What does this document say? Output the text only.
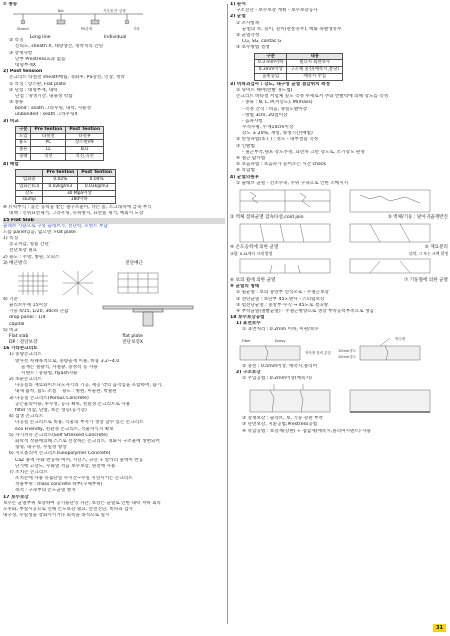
① 종류
Strand
Bar
PS강재
거푸집 면 강재
기타
Long line	Individual
② 특징
신뢰도, sheath X, 대량생산, 정착치리 간단
③ 강재사항
단부 Prestress효과 없음
대형부재X
2) Post tension
콘크리트 타설전 sheath매립, 경화후, PS강선, 인장, 정착
① 특징 : 장스판, Flat plate
② 단점 : 대형부재, 내력
단점 : 양생기간, 내용성 약함
③ 종류
bond : seath 그라우팅, 내력, 사용성
unbonded : seath 그라우팅X
3) 비교
구분	Pre tention	Post Tention
도입	타설전	타설후
용도	PC	장스판/PF
종류	LL	B,U
형태	직선	직진,곡선
4) 배합
	Pre tention	Post Tention
염화물	0.02%	0.04%
염화은(Cl)	0.02kg/m3	0.03kg/m3
강도	30 Mpa이상	
slump	180이하	
※ 유력부식 : 높은 응력을 받는 철구조물이, 작은 흠, 소크래치에 급속 부식
대책 : 인위표면제거, 그라우팅, 유취방지, 표면흠 제거, 예회시 도장
15 Flat Slab
슬래브 가용으로 구성 슬래브가, 전단력, 모멘트 부담
드롭 panel있음, 없으면: Flat plate
1) 특징
층고저감, 형틀 간단
전단보강 필요
2) 용도 : 주방, 병원, 오피스
3) 배근방식	전단배근
4) 기준
슬리브두께 15이상
기둥 h/15, L/20, 30cm 큰값
drop panel : 1/4
capital
5) 비교
Flat slab	flat plate
DP : 전단보강	전단보강X
16 기타콘크리트
1) 중량콘크리트
방사선 차폐목적으로, 중량골재 이용, 비중 3.2~4.0
골재는 철광석, 자철광, 중정석 등 사용
시멘트 : 중용열, flyash사용
2) 초순콘크리트
다공질의 재료와이트나노자기의 기공, 세공 약의 음직임을 포함하여, 습기,
내새 흡착, 습도 조절 용도 : 병원, 미술관, 박물관
3) 다공질 콘크리트(Porous Concrete)
공은율의이용, 투수성, 공극 확보, 친환경 콘크리트로 사용
filter 역할, 단열, 보온 성능(공기층)
4) 섬생 콘크리트
다공질 콘크리트로 비용, 식물의 부지가 생장 할수 있는 콘크리트
eco Friendly, 친환경 콘크리트, 식물서식지 확보
5) 자기치유 콘크리트(Self Stressed Concrete)
화학적 작용에의해 스스로 신장하는 콘크리트, 경화시 구조물에 생현되어
형형, 내구성, 수밀성 향상
6) 지오폴리머 콘크리트(Geopolymer Concrete)
CaZ 용액 수와 반응하 여서, 시넌스, 규산 + 알카리 용액이 반응
단기에 고강도, 수화열 적음 보수보강, 원전에 사용
7) 조치콘 콘크리트
조치콘에 사용 유출단일 수시간~수일 지연시키는 콘크리트
적용부위 : mass concrete 하부(구체부위)
목적 : 구속부의 온도균열 방지
17 보수보강
보수는 균열부위 보강하여 공기용단잉 지난, 보강은 균열로 인한 내력 저하 회복
노후화, 부실시공으로 인해 손도보강 필요, 안전진단, 비파괴 검사
내구성, 수밀성을 강화시키거나 회복을 목적으로 실시
1) 순서
구조진단 - 보수보강 계획 - 보수보강공사
2) 균열
① 조사항목
균열의 폭, 길이, 깊이(관통유무), 백화 녹발생유무
② 균열측정
CG, SG, contac G
③ 보수방법 결정
구분	내용
0.3 mm이하	필요시 외관보수
0.3mm이상	구조체 중진(에폭시,통당)
움빛능임	에폭시 주입
3) 비파괴검사 : 강도, 내구성 균열 결감위치 측정
① 슈미트 해머(반발 경도법)
콘크리트 바타결 서험체 깊도 측정 무세로서 추와 반발력에 의해 강도를 측정
- 종류 : N, L, P(저강도), M(mass)
- 측정 간격 : 비음, 양질도발아장
- 방법 3cm, 20점이상
- 음파사항
수직수평, 두께10cm이상
강도 ± 20%, 재령, 양생기간(예법)
② 탄성파법(초 ( ) : 정도 - 내부결함 측정
③ 인발법
- 철근부적,텐프 강도추정, 표면차 크면 강도로, 조기강도 판정
④ 철근 탐사법
⑤ 초음파법 : 초음파가 들어오는 시간 check
⑥ 복합법
4) 균열의원후
① 슬래브 균열 - 건조수축, 주위 구속으로 인한 소매지지
② 벽체 점하균열 갑속타설,cold join	③ 벽체/기둥 : 말아귀곱재반진
④ 온도응력에 의한 균열	⑤ 재료분리
교량, 0.4L에서 크게 발생	뒤막, 그 또는 크랙 발생
⑥ 보의 휨에 의한 균열	⑦ 기둥철에 의한 균열
⑧ 균열의 형태
① 휨균열 : 보의 중앙부 연직모로 - 주철근보강
② 전단균열 : 보단부 45도방사 - 스터럽보강
③ 펌전단균열 : 중앙부 수직 → 45도로 결곡방
④ 부착균열(철빨균열) : 주철근방향으로 생장 부착응력부족으로 생김
18 보수보강공법
1) 표면보수
① 표면처리 : 0.2mm 이하, 미관/보수
Fiber	Epoxy
적자방 물비 분말
방수캔
10mm정도
10mm정도
② 충전 : 0.5mm이상, 에폭시,폴리머
2) 구조보강
① 주입공법 : 0.2mm이상(에폭시)
② 강재보강 : 슬라브, 보, 기둥 강판 부착
③ 단면보강, 지환공법,Prestress공법
④ 복합공법 : 보강재(강판) + 접합재(에폭시,폴리머시멘트) 사용
31
